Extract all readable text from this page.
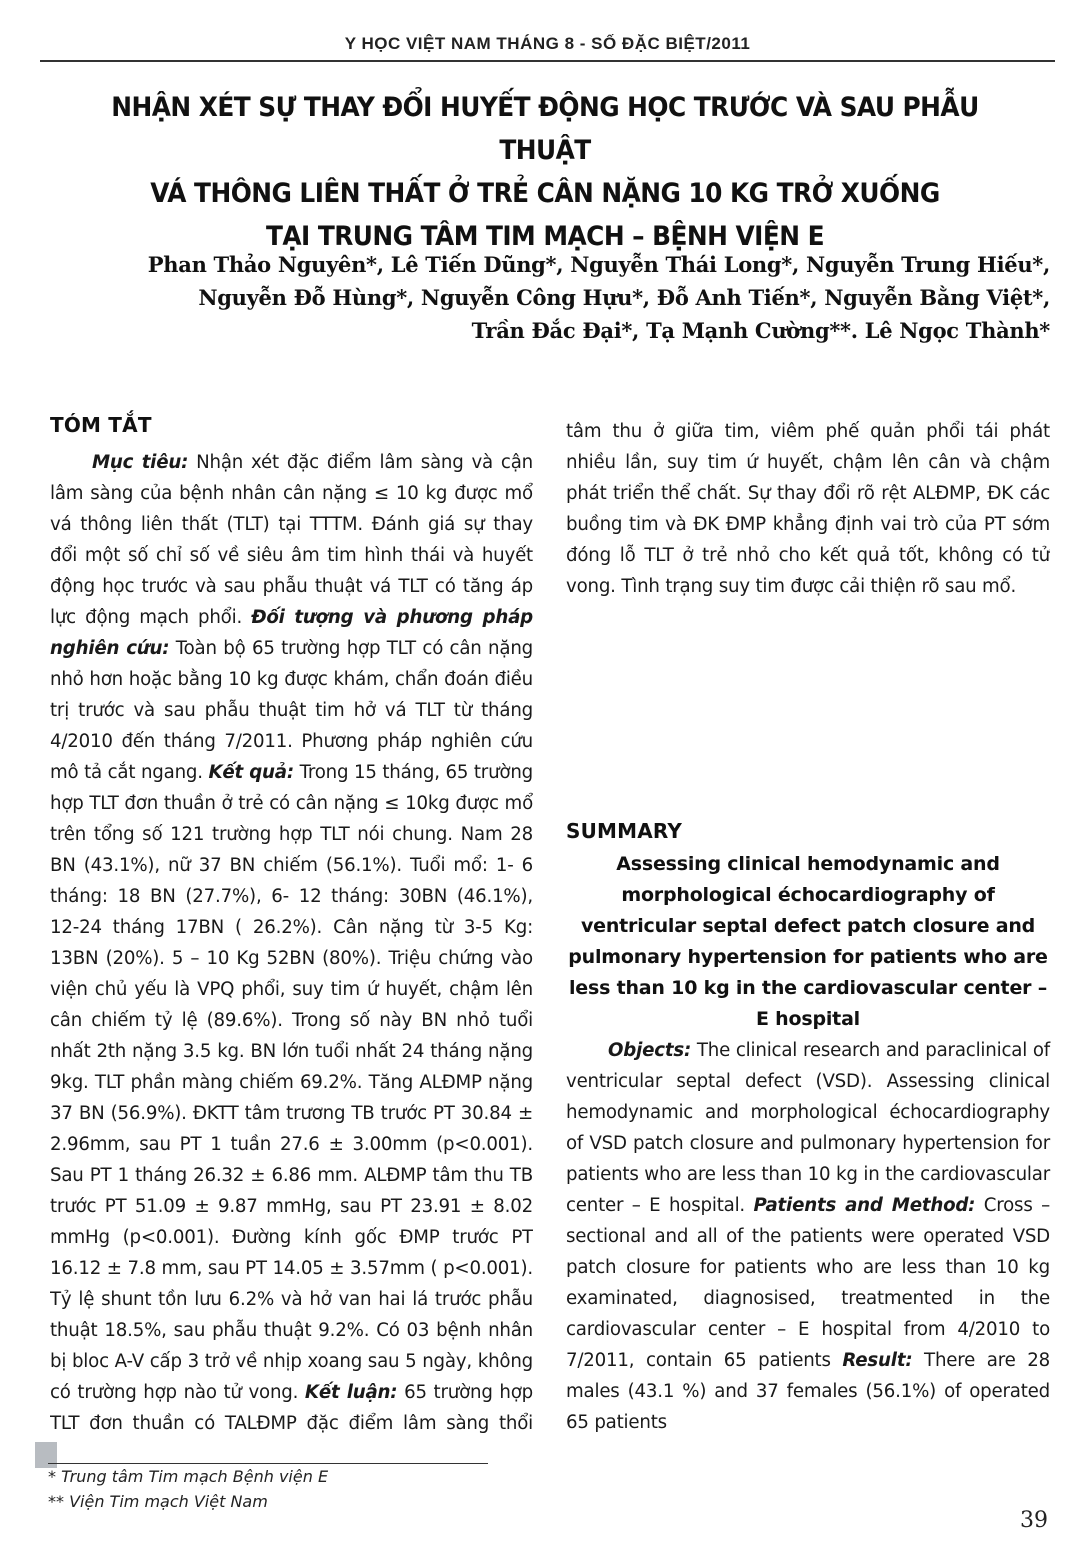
Y HỌC VIỆT NAM THÁNG 8 - SỐ ĐẶC BIỆT/2011
NHẬN XÉT SỰ THAY ĐỔI HUYẾT ĐỘNG HỌC TRƯỚC VÀ SAU PHẪU THUẬT
VÁ THÔNG LIÊN THẤT Ở TRẺ CÂN NẶNG 10 KG TRỞ XUỐNG
TẠI TRUNG TÂM TIM MẠCH – BỆNH VIỆN E
Phan Thảo Nguyên*, Lê Tiến Dũng*, Nguyễn Thái Long*, Nguyễn Trung Hiếu*,
Nguyễn Đỗ Hùng*, Nguyễn Công Hựu*, Đỗ Anh Tiến*, Nguyễn Bằng Việt*,
Trần Đắc Đại*, Tạ Mạnh Cường**. Lê Ngọc Thành*
TÓM TẮT

Mục tiêu: Nhận xét đặc điểm lâm sàng và cận lâm sàng của bệnh nhân cân nặng ≤ 10 kg được mổ vá thông liên thất (TLT) tại TTTM. Đánh giá sự thay đổi một số chỉ số về siêu âm tim hình thái và huyết động học trước và sau phẫu thuật vá TLT có tăng áp lực động mạch phổi. Đối tượng và phương pháp nghiên cứu: Toàn bộ 65 trường hợp TLT có cân nặng nhỏ hơn hoặc bằng 10 kg được khám, chẩn đoán điều trị trước và sau phẫu thuật tim hở vá TLT từ tháng 4/2010 đến tháng 7/2011. Phương pháp nghiên cứu mô tả cắt ngang. Kết quả: Trong 15 tháng, 65 trường hợp TLT đơn thuần ở trẻ có cân nặng ≤ 10kg được mổ trên tổng số 121 trường hợp TLT nói chung. Nam 28 BN (43.1%), nữ 37 BN chiếm (56.1%). Tuổi mổ: 1- 6 tháng: 18 BN (27.7%), 6- 12 tháng: 30BN (46.1%), 12-24 tháng 17BN ( 26.2%). Cân nặng từ 3-5 Kg: 13BN (20%). 5 – 10 Kg 52BN (80%). Triệu chứng vào viện chủ yếu là VPQ phổi, suy tim ứ huyết, chậm lên cân chiếm tỷ lệ (89.6%). Trong số này BN nhỏ tuổi nhất 2th nặng 3.5 kg. BN lớn tuổi nhất 24 tháng nặng 9kg. TLT phần màng chiếm 69.2%. Tăng ALĐMP nặng 37 BN (56.9%). ĐKTT tâm trương TB trước PT 30.84 ± 2.96mm, sau PT 1 tuần 27.6 ± 3.00mm (p<0.001). Sau PT 1 tháng 26.32 ± 6.86 mm. ALĐMP tâm thu TB trước PT 51.09 ± 9.87 mmHg, sau PT 23.91 ± 8.02 mmHg (p<0.001). Đường kính gốc ĐMP trước PT 16.12 ± 7.8 mm, sau PT 14.05 ± 3.57mm ( p<0.001). Tỷ lệ shunt tồn lưu 6.2% và hở van hai lá trước phẫu thuật 18.5%, sau phẫu thuật 9.2%. Có 03 bệnh nhân bị bloc A-V cấp 3 trở về nhịp xoang sau 5 ngày, không có trường hợp nào tử vong. Kết luận: 65 trường hợp TLT đơn thuần có TALĐMP đặc điểm lâm sàng thổi

tâm thu ở giữa tim, viêm phế quản phổi tái phát nhiều lần, suy tim ứ huyết, chậm lên cân và chậm phát triển thể chất. Sự thay đổi rõ rệt ALĐMP, ĐK các buồng tim và ĐK ĐMP khẳng định vai trò của PT sớm đóng lỗ TLT ở trẻ nhỏ cho kết quả tốt, không có tử vong. Tình trạng suy tim được cải thiện rõ sau mổ.

SUMMARY
Assessing clinical hemodynamic and morphological échocardiography of ventricular septal defect patch closure and pulmonary hypertension for patients who are less than 10 kg in the cardiovascular center – E hospital

Objects: The clinical research and paraclinical of ventricular septal defect (VSD). Assessing clinical hemodynamic and morphological échocardiography of VSD patch closure and pulmonary hypertension for patients who are less than 10 kg in the cardiovascular center – E hospital. Patients and Method: Cross – sectional and all of the patients were operated VSD patch closure for patients who are less than 10 kg examinated, diagnosised, treatmented in the cardiovascular center – E hospital from 4/2010 to 7/2011, contain 65 patients Result: There are 28 males (43.1 %) and 37 females (56.1%) of operated 65 patients

* Trung tâm Tim mạch Bệnh viện E

** Viện Tim mạch Việt Nam

39
